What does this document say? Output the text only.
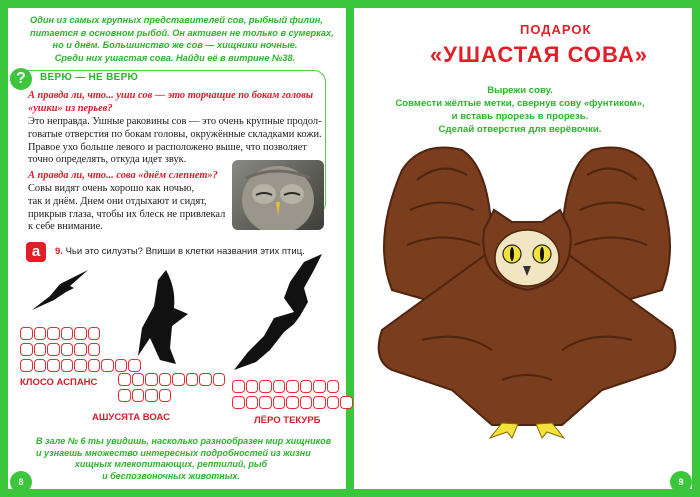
Один из самых крупных представителей сов, рыбный филин,
питается в основном рыбой. Он активен не только в сумерках,
но и днём. Большинство же сов — хищники ночные.
Среди них ушастая сова. Найди её в витрине №38.
?	ВЕРЮ — НЕ ВЕРЮ
А правда ли, что... уши сов — это торчащие по бокам головы
«ушки» из перьев?
Это неправда. Ушные раковины сов — это очень крупные продол-
говатые отверстия по бокам головы, окружённые складками кожи.
Правое ухо больше левого и расположено выше, что позволяет
точно определять, откуда идет звук.
А правда ли, что... сова «днём слепнет»?
Совы видят очень хорошо как ночью,
так и днём. Днем они отдыхают и сидят,
прикрыв глаза, чтобы их блеск не привлекал
к себе внимание.
а	9. Чьи это силуэты? Впиши в клетки названия этих птиц.
КЛОСО АСПАНС
АШУСЯТА ВОАС	ЛЁРО ТЕКУРБ
В зале № 6 ты увидишь, насколько разнообразен мир хищников
и узнаешь множество интересных подробностей из жизни
хищных млекопитающих, рептилий, рыб
и беспозвоночных животных.
8
ПОДАРОК
«УШАСТАЯ СОВА»
Вырежи сову.
Совмести жёлтые метки, свернув сову «фунтиком»,
и вставь прорезь в прорезь.
Сделай отверстия для верёвочки.
9
